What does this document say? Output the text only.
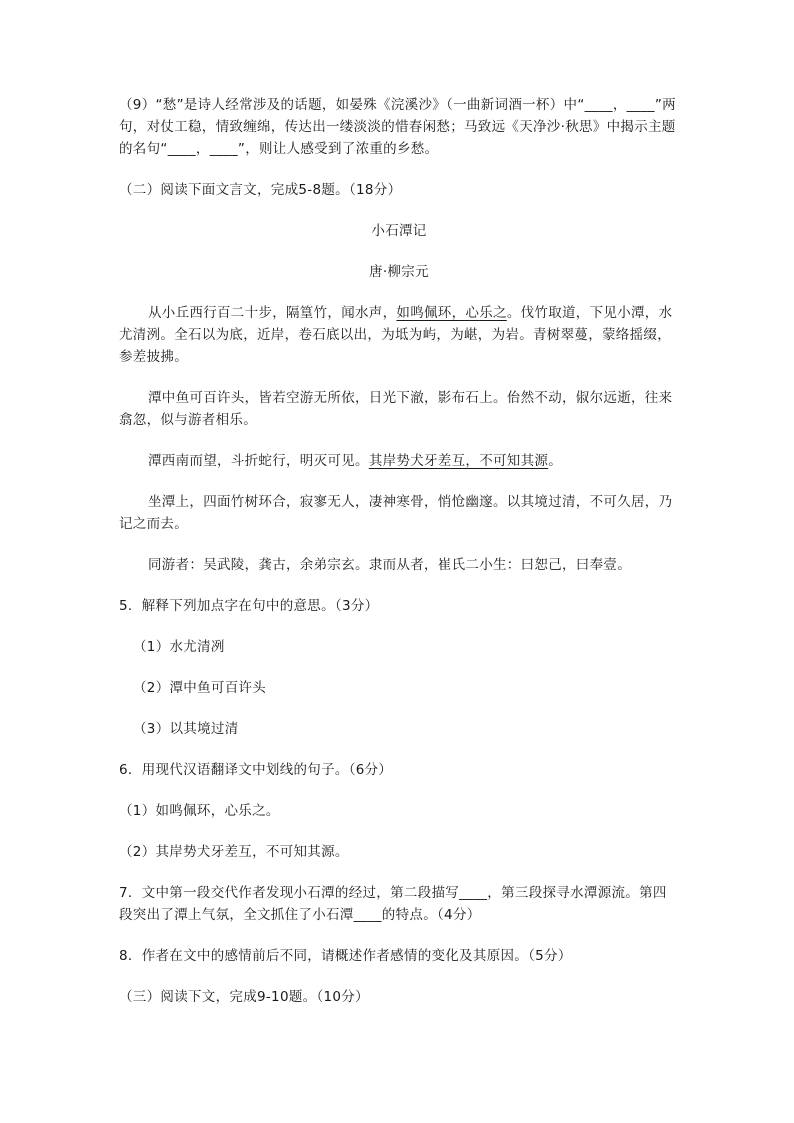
（9）“愁”是诗人经常涉及的话题，如晏殊《浣溪沙》（一曲新词酒一杯）中“____，____”两句，对仗工稳，情致缠绵，传达出一缕淡淡的惜春闲愁；马致远《天净沙·秋思》中揭示主题的名句“____，____”，则让人感受到了浓重的乡愁。

（二）阅读下面文言文，完成5-8题。（18分）

小石潭记

唐·柳宗元

从小丘西行百二十步，隔篁竹，闻水声，如鸣佩环，心乐之。伐竹取道，下见小潭，水尤清洌。全石以为底，近岸，卷石底以出，为坻为屿，为嵁，为岩。青树翠蔓，蒙络摇缀，参差披拂。

潭中鱼可百许头，皆若空游无所依，日光下澈，影布石上。佁然不动，俶尔远逝，往来翕忽，似与游者相乐。

潭西南而望，斗折蛇行，明灭可见。其岸势犬牙差互，不可知其源。

坐潭上，四面竹树环合，寂寥无人，凄神寒骨，悄怆幽邃。以其境过清，不可久居，乃记之而去。

同游者：吴武陵，龚古，余弟宗玄。隶而从者，崔氏二小生：曰恕己，曰奉壹。

5．解释下列加点字在句中的意思。（3分）

（1）水尤清冽

（2）潭中鱼可百许头

（3）以其境过清

6．用现代汉语翻译文中划线的句子。（6分）

（1）如鸣佩环，心乐之。

（2）其岸势犬牙差互，不可知其源。

7．文中第一段交代作者发现小石潭的经过，第二段描写____，第三段探寻水潭源流。第四段突出了潭上气氛，全文抓住了小石潭____的特点。（4分）

8．作者在文中的感情前后不同，请概述作者感情的变化及其原因。（5分）

（三）阅读下文，完成9-10题。（10分）
